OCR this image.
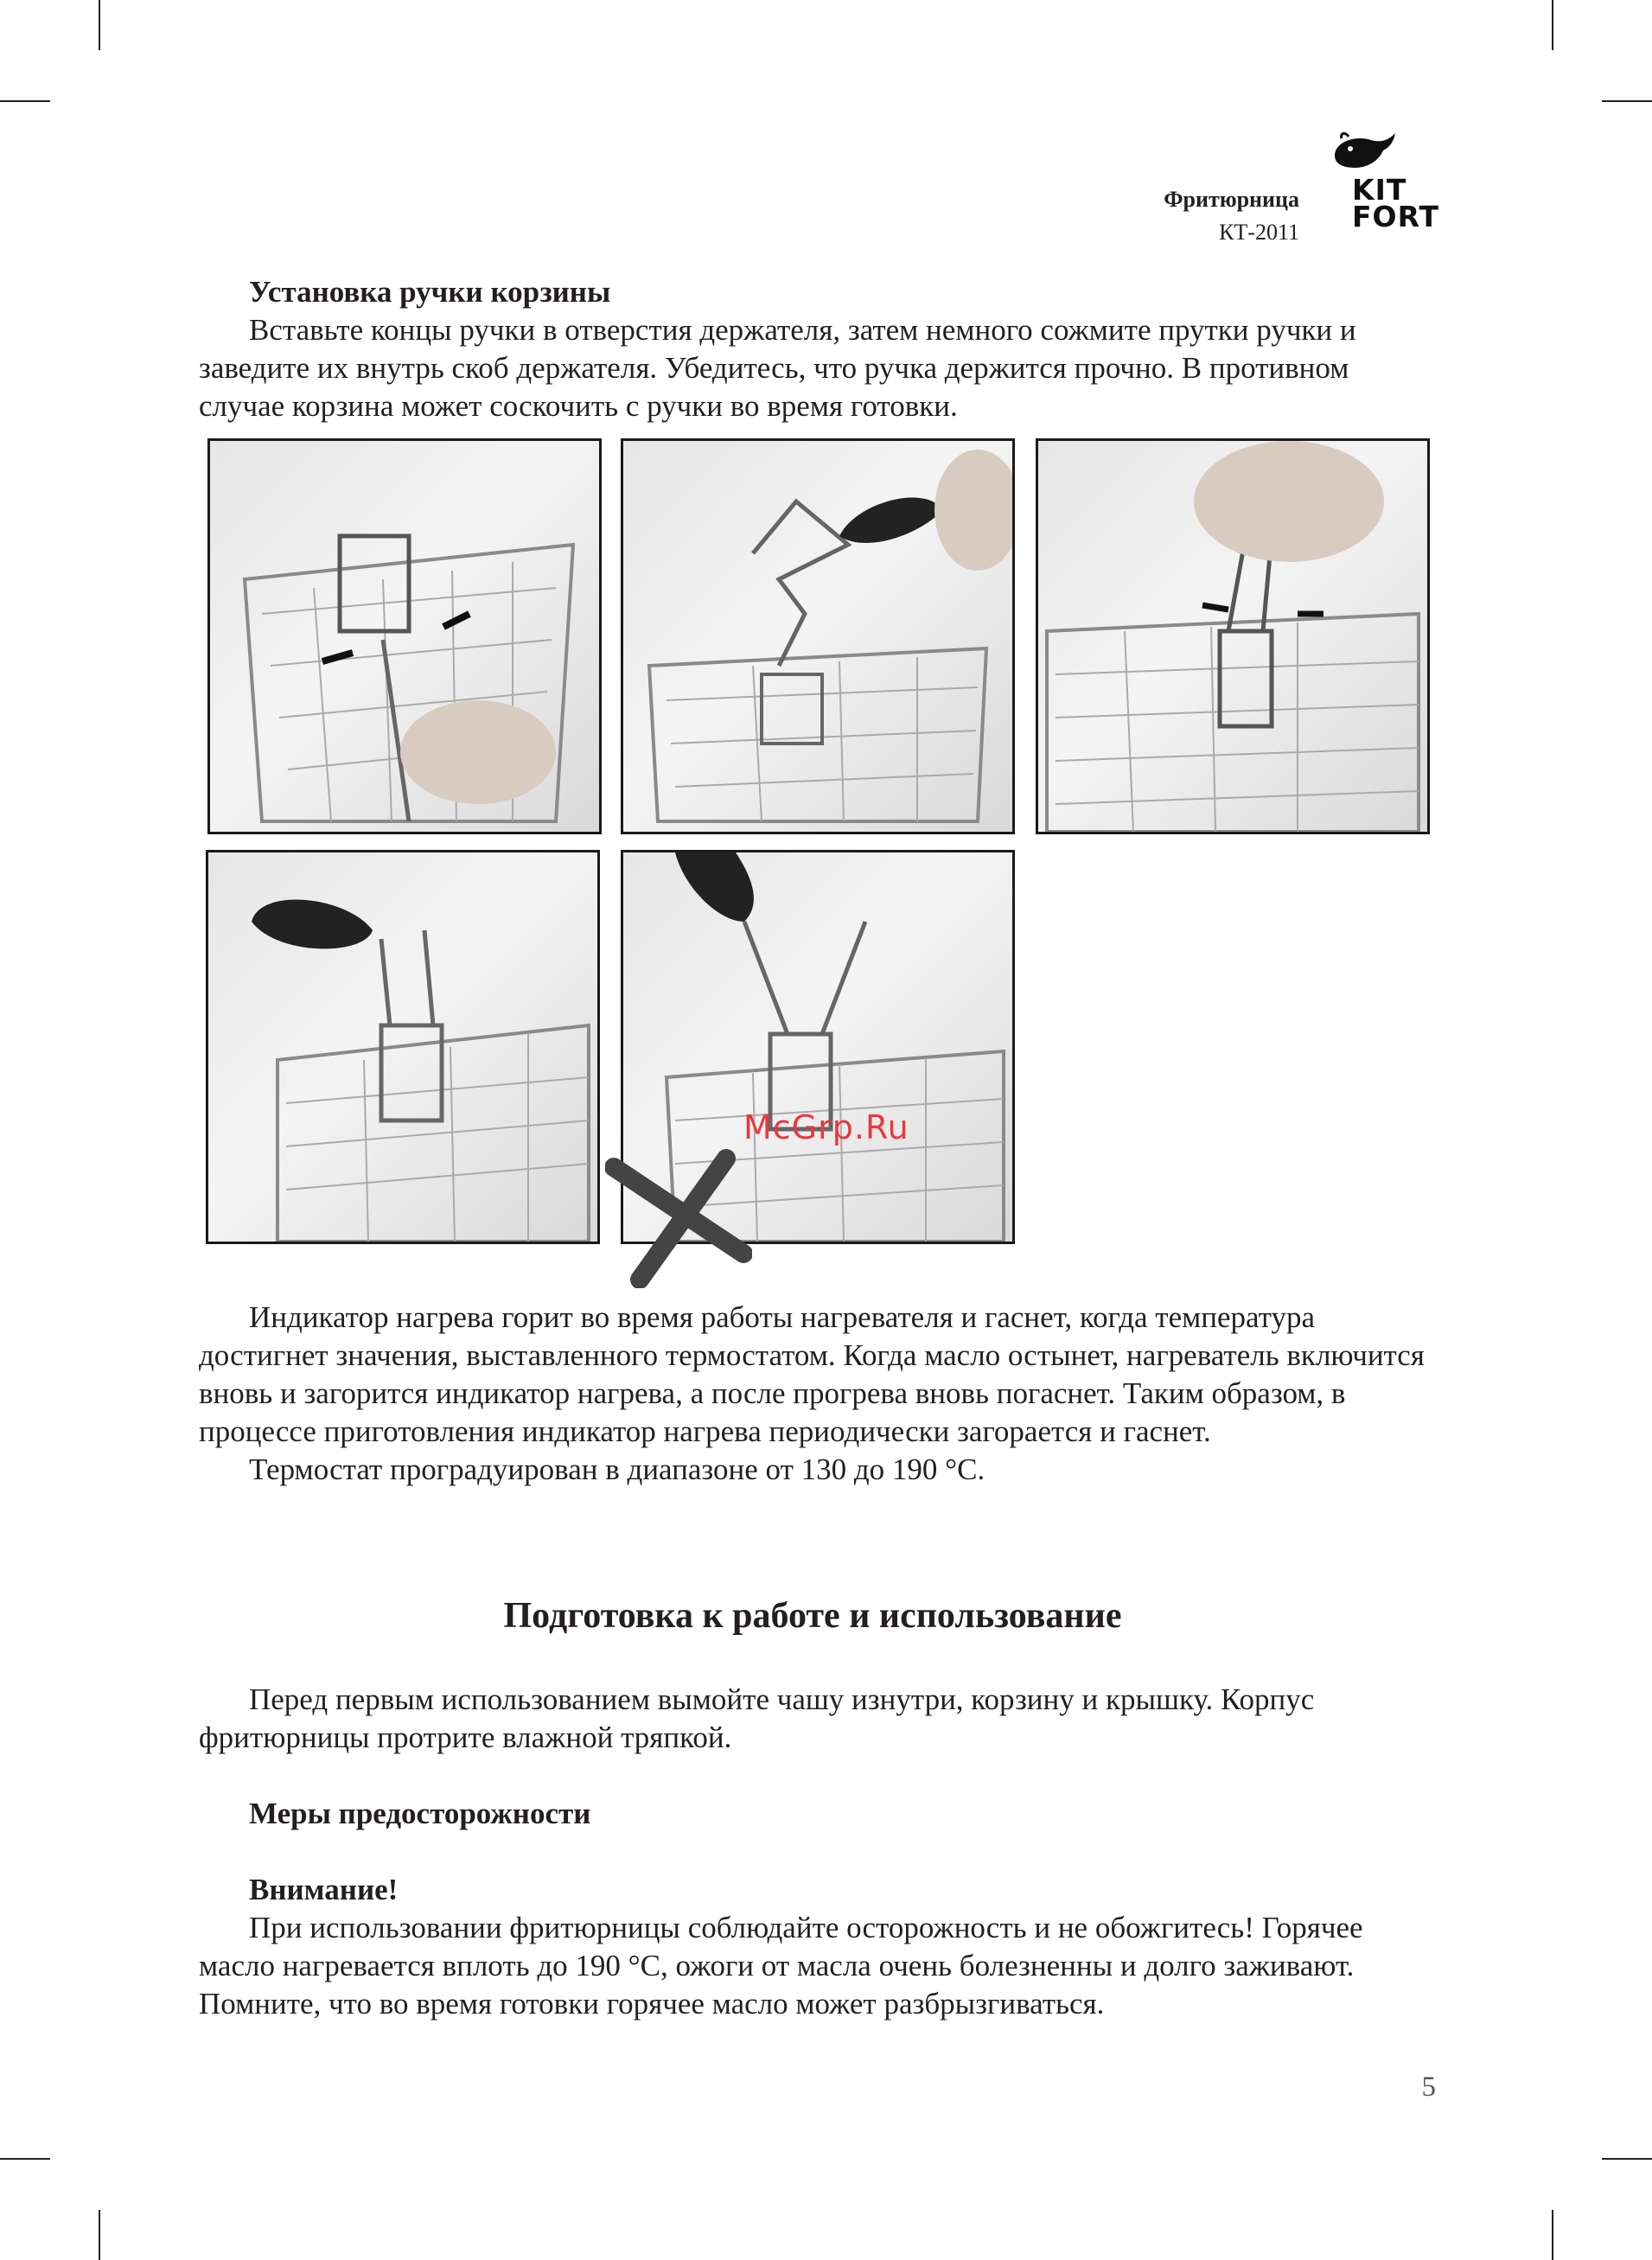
Фритюрница
КТ-2011
KIT
FORT

Установка ручки корзины

Вставьте концы ручки в отверстия держателя, затем немного сожмите прутки ручки и заведите их внутрь скоб держателя. Убедитесь, что ручка держится прочно. В противном случае корзина может соскочить с ручки во время готовки.

McGrp.Ru

Индикатор нагрева горит во время работы нагревателя и гаснет, когда температура достигнет значения, выставленного термостатом. Когда масло остынет, нагреватель включится вновь и загорится индикатор нагрева, а после прогрева вновь погаснет. Таким образом, в процессе приготовления индикатор нагрева периодически загорается и гаснет.

Термостат проградуирован в диапазоне от 130 до 190 °С.

Подготовка к работе и использование

Перед первым использованием вымойте чашу изнутри, корзину и крышку. Корпус фритюрницы протрите влажной тряпкой.

Меры предосторожности

Внимание!

При использовании фритюрницы соблюдайте осторожность и не обожгитесь! Горячее масло нагревается вплоть до 190 °С, ожоги от масла очень болезненны и долго заживают. Помните, что во время готовки горячее масло может разбрызгиваться.

5
